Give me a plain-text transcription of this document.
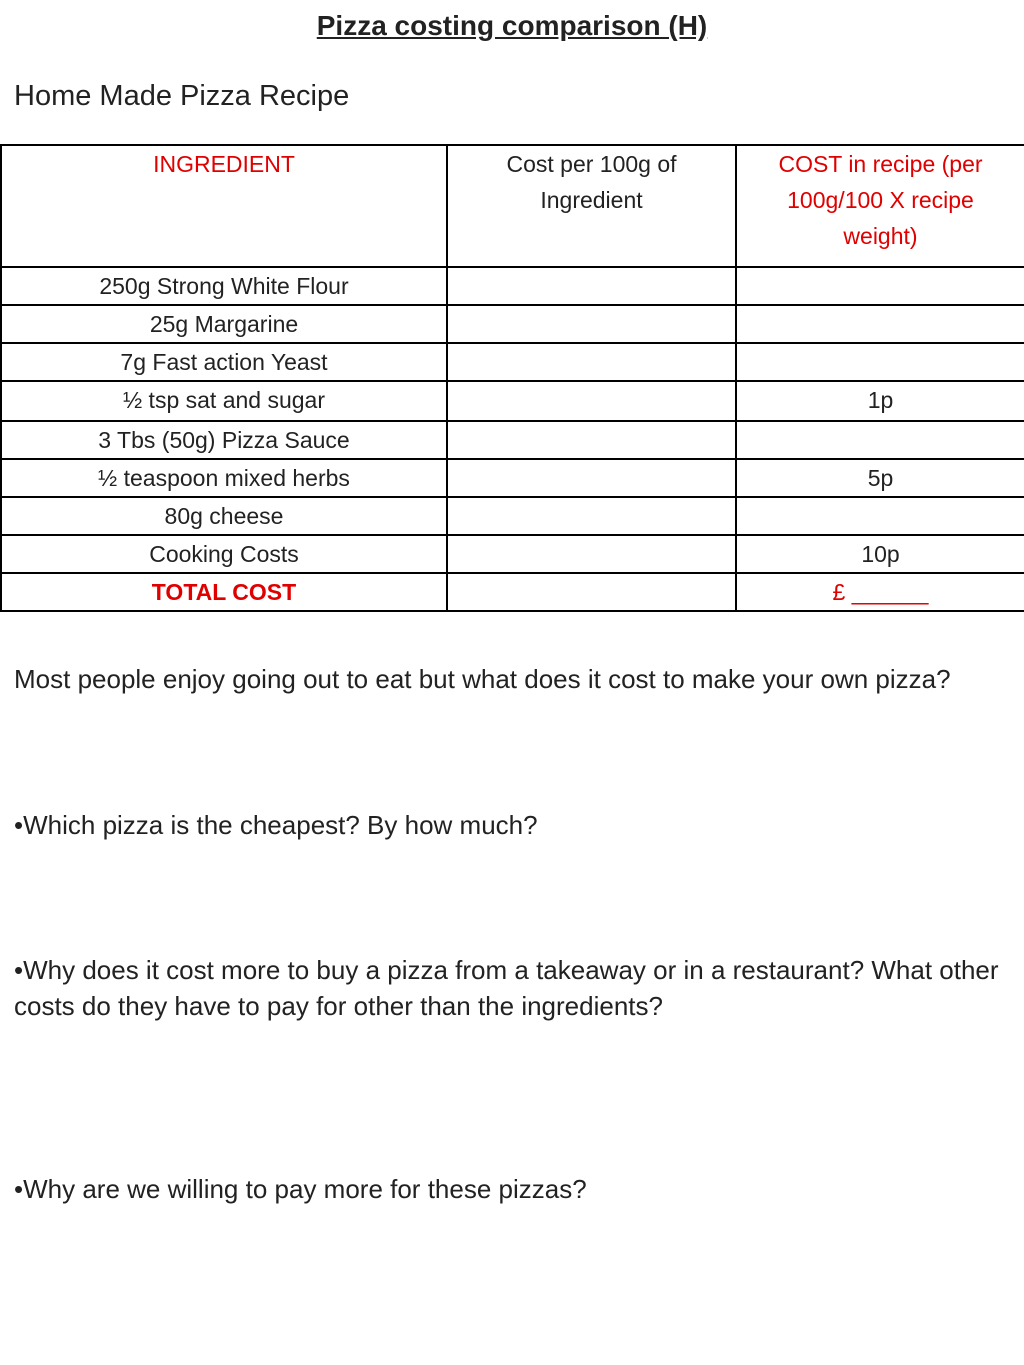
Pizza costing comparison (H)
Home Made Pizza Recipe
INGREDIENT	Cost per 100g of Ingredient	COST in recipe (per 100g/100 X recipe weight)
250g Strong White Flour		
25g Margarine		
7g Fast action Yeast		
½ tsp sat and sugar		1p
3 Tbs (50g) Pizza Sauce		
½ teaspoon mixed herbs		5p
80g cheese		
Cooking Costs		10p
TOTAL COST		£ ______
Most people enjoy going out to eat but what does it cost to make your own pizza?
•Which pizza is the cheapest? By how much?
•Why does it cost more to buy a pizza from a takeaway or in a restaurant? What other costs do they have to pay for other than the ingredients?
•Why are we willing to pay more for these pizzas?
